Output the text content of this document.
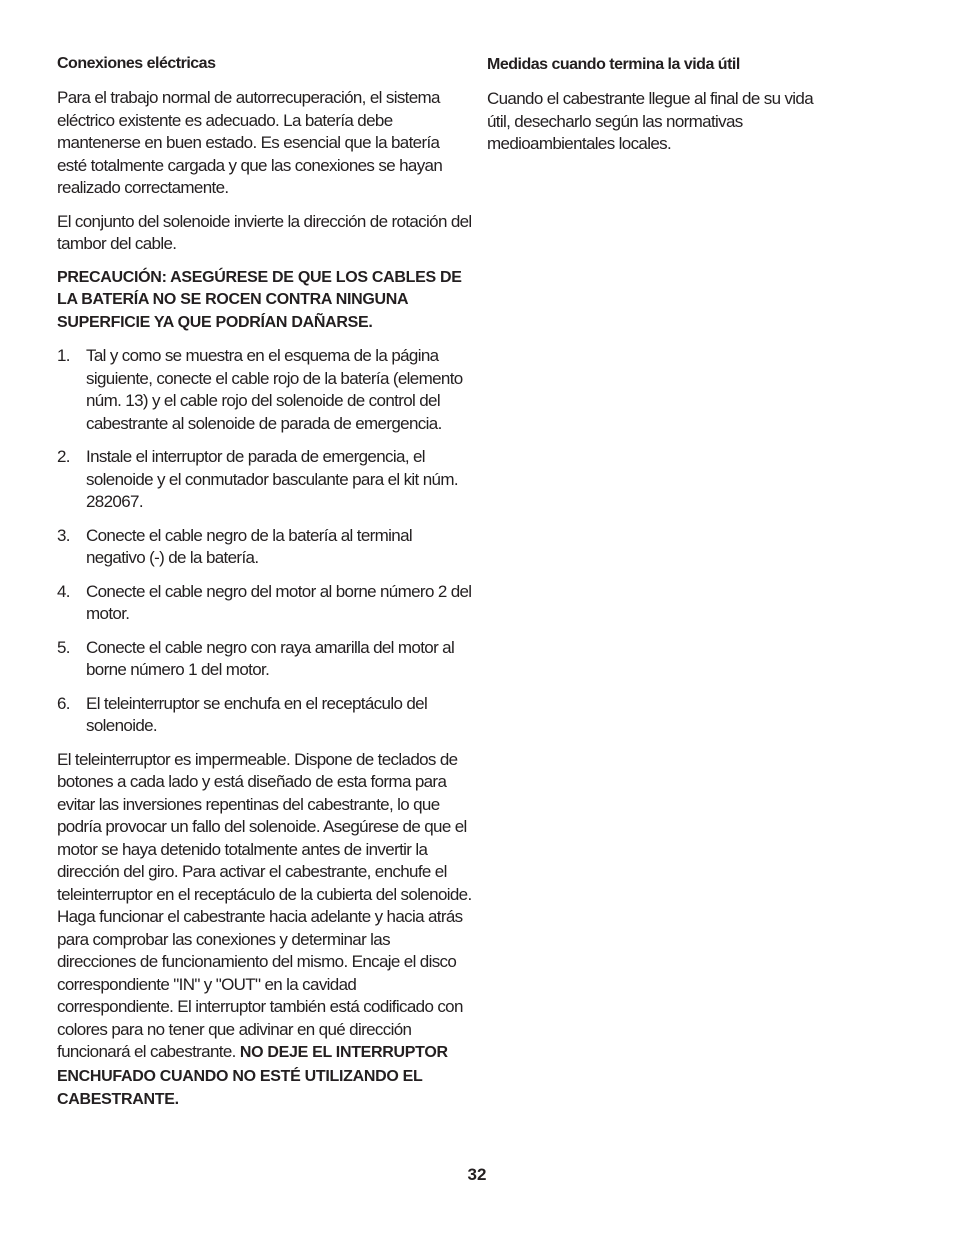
Conexiones eléctricas

Para el trabajo normal de autorrecuperación, el sistema eléctrico existente es adecuado. La batería debe mantenerse en buen estado. Es esencial que la batería esté totalmente cargada y que las conexiones se hayan realizado correctamente.

El conjunto del solenoide invierte la dirección de rotación del tambor del cable.

PRECAUCIÓN: ASEGÚRESE DE QUE LOS CABLES DE LA BATERÍA NO SE ROCEN CONTRA NINGUNA SUPERFICIE YA QUE PODRÍAN DAÑARSE.

1. Tal y como se muestra en el esquema de la página siguiente, conecte el cable rojo de la batería (elemento núm. 13) y el cable rojo del solenoide de control del cabestrante al solenoide de parada de emergencia.
2. Instale el interruptor de parada de emergencia, el solenoide y el conmutador basculante para el kit núm. 282067.
3. Conecte el cable negro de la batería al terminal negativo (-) de la batería.
4. Conecte el cable negro del motor al borne número 2 del motor.
5. Conecte el cable negro con raya amarilla del motor al borne número 1 del motor.
6. El teleinterruptor se enchufa en el receptáculo del solenoide.

El teleinterruptor es impermeable. Dispone de teclados de botones a cada lado y está diseñado de esta forma para evitar las inversiones repentinas del cabestrante, lo que podría provocar un fallo del solenoide. Asegúrese de que el motor se haya detenido totalmente antes de invertir la dirección del giro. Para activar el cabestrante, enchufe el teleinterruptor en el receptáculo de la cubierta del solenoide. Haga funcionar el cabestrante hacia adelante y hacia atrás para comprobar las conexiones y determinar las direcciones de funcionamiento del mismo. Encaje el disco correspondiente "IN" y "OUT" en la cavidad correspondiente. El interruptor también está codificado con colores para no tener que adivinar en qué dirección funcionará el cabestrante. NO DEJE EL INTERRUPTOR ENCHUFADO CUANDO NO ESTÉ UTILIZANDO EL CABESTRANTE.

Medidas cuando termina la vida útil

Cuando el cabestrante llegue al final de su vida útil, desecharlo según las normativas medioambientales locales.

32
